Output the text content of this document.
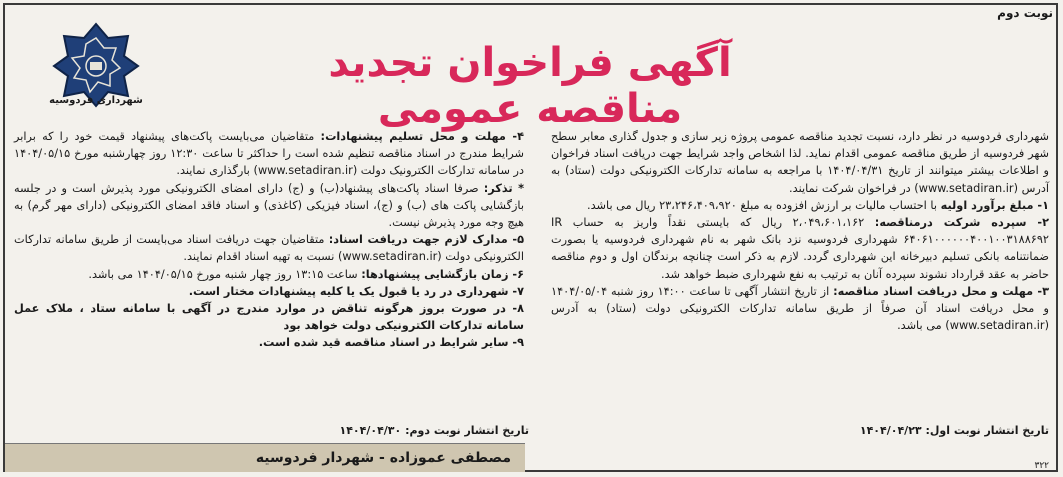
نوبت دوم
شهرداری فردوسیه
آگهی فراخوان تجدید مناقصه عمومی

شهرداری فردوسیه در نظر دارد، نسبت تجدید مناقصه عمومی پروژه زیر سازی و جدول گذاری معابر سطح شهر فردوسیه از طریق مناقصه عمومی اقدام نماید. لذا اشخاص واجد شرایط جهت دریافت اسناد فراخوان و اطلاعات بیشتر میتوانند از تاریخ ۱۴۰۴/۰۴/۳۱ با مراجعه به سامانه تدارکات الکترونیکی دولت (ستاد) به آدرس (www.setadiran.ir) در فراخوان شرکت نمایند.

۱- مبلغ برآورد اولیه با احتساب مالیات بر ارزش افزوده به مبلغ ۲۳،۲۴۶،۴۰۹،۹۲۰ ریال می باشد.

۲- سپرده شرکت درمناقصه: ۲،۰۴۹،۶۰۱،۱۶۲ ریال که بایستی نقداً واریز به حساب IR ۶۴۰۶۱۰۰۰۰۰۰۴۰۰۱۰۰۳۱۸۸۶۹۲ شهرداری فردوسیه نزد بانک شهر به نام شهرداری فردوسیه یا بصورت ضمانتنامه بانکی تسلیم دبیرخانه این شهرداری گردد. لازم به ذکر است چنانچه برندگان اول و دوم مناقصه حاضر به عقد قرارداد نشوند سپرده آنان به ترتیب به نفع شهرداری ضبط خواهد شد.

۳- مهلت و محل دریافت اسناد مناقصه: از تاریخ انتشار آگهی تا ساعت ۱۴:۰۰ روز شنبه ۱۴۰۴/۰۵/۰۴ و محل دریافت اسناد آن صرفاً از طریق سامانه تدارکات الکترونیکی دولت (ستاد) به آدرس (www.setadiran.ir) می باشد.

۴- مهلت و محل تسلیم پیشنهادات: متقاضیان می‌بایست پاکت‌های پیشنهاد قیمت خود را که برابر شرایط مندرج در اسناد مناقصه تنظیم شده است را حداکثر تا ساعت ۱۲:۳۰ روز چهارشنبه مورخ ۱۴۰۴/۰۵/۱۵ در سامانه تدارکات الکترونیک دولت (www.setadiran.ir) بارگذاری نمایند.

* تذکر: صرفا اسناد پاکت‌های پیشنهاد(ب) و (ج) دارای امضای الکترونیکی مورد پذیرش است و در جلسه بازگشایی پاکت های (ب) و (ج)، اسناد فیزیکی (کاغذی) و اسناد فاقد امضای الکترونیکی (دارای مهر گرم) به هیچ وجه مورد پذیرش نیست.

۵- مدارک لازم جهت دریافت اسناد: متقاضیان جهت دریافت اسناد می‌بایست از طریق سامانه تدارکات الکترونیکی دولت (www.setadiran.ir) نسبت به تهیه اسناد اقدام نمایند.

۶- زمان بازگشایی پیشنهادها: ساعت ۱۳:۱۵ روز چهار شنبه مورخ ۱۴۰۴/۰۵/۱۵ می باشد.

۷- شهرداری در رد یا قبول یک یا کلیه پیشنهادات مختار است.

۸- در صورت بروز هرگونه تناقض در موارد مندرج در آگهی با سامانه ستاد ، ملاک عمل سامانه تدارکات الکترونیکی دولت خواهد بود

۹- سایر شرایط در اسناد مناقصه قید شده است.

تاریخ انتشار نوبت اول: ۱۴۰۴/۰۴/۲۳
تاریخ انتشار نوبت دوم: ۱۴۰۴/۰۴/۳۰
مصطفی عموزاده - شهردار فردوسیه	۳۲۲
